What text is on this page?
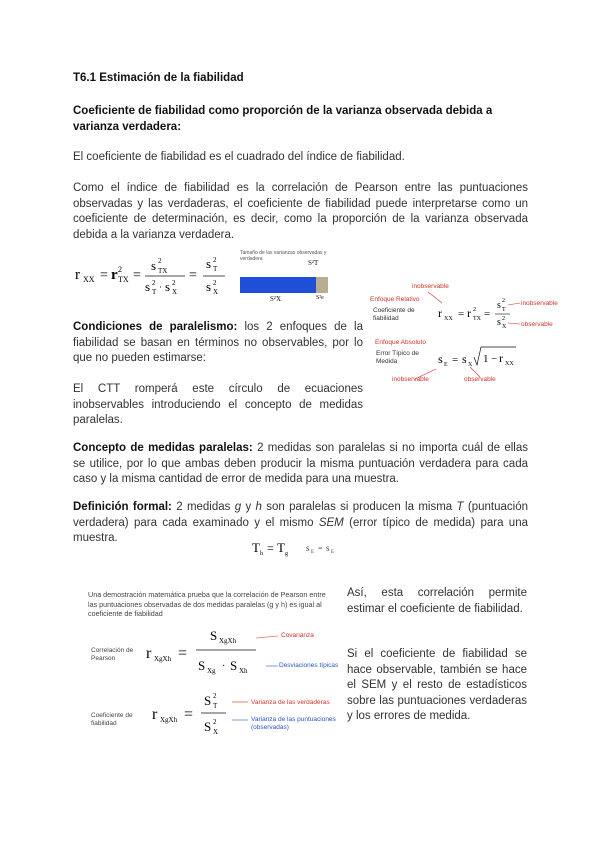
T6.1 Estimación de la fiabilidad
Coeficiente de fiabilidad como proporción de la varianza observada debida a varianza verdadera:

El coeficiente de fiabilidad es el cuadrado del índice de fiabilidad.

Como el índice de fiabilidad es la correlación de Pearson entre las puntuaciones observadas y las verdaderas, el coeficiente de fiabilidad puede interpretarse como un coeficiente de determinación, es decir, como la proporción de la varianza observada debida a la varianza verdadera.

r XX = r 2
TX =
s 2
TX
s 2
T · s 2
X
=
s 2
T
s 2
X
Tamaño de las varianzas observadas y verdadera	S²T
S²X	S²e

Condiciones de paralelismo: los 2 enfoques de la fiabilidad se basan en términos no observables, por lo que no pueden estimarse:

El CTT romperá este círculo de ecuaciones inobservables introduciendo el concepto de medidas paralelas.

inobservable
r XX = r 2
TX =
s 2
T
s 2
X
s E = s X 1 − r XX
Enfoque Relativo
Coeficiente de fiabilidad
inobservable
observable
Enfoque Absoluto
Error Típico de Medida
inobservable	observable

Concepto de medidas paralelas: 2 medidas son paralelas si no importa cuál de ellas se utilice, por lo que ambas deben producir la misma puntuación verdadera para cada caso y la misma cantidad de error de medida para una muestra.

Definición formal: 2 medidas g y h son paralelas si producen la misma T (puntuación verdadera) para cada examinado y el mismo SEM (error típico de medida) para una muestra.

T h = T g
s E = s E
Una demostración matemática prueba que la correlación de Pearson entre las puntuaciones observadas de dos medidas paralelas (g y h) es igual al coeficiente de fiabilidad
Correlación de Pearson
Coeficiente de fiabilidad
Covarianza
Desviaciones típicas
Varianza de las verdaderas
Varianza de las puntuaciones (observadas)
r XgXh =
S XgXh
S Xg · S Xh
r XgXh =
S 2
T
S 2
X

Así, esta correlación permite estimar el coeficiente de fiabilidad.

Si el coeficiente de fiabilidad se hace observable, también se hace el SEM y el resto de estadísticos sobre las puntuaciones verdaderas y los errores de medida.
